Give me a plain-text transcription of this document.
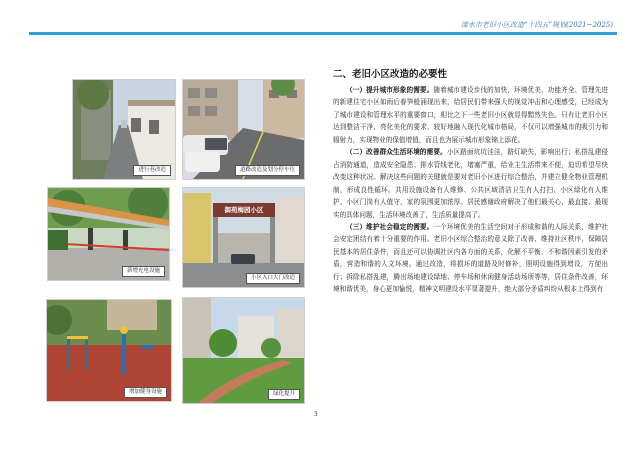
溧水市老旧小区改造“十四五”规划(2021~2025)
进行巷改造	道路改造及划分停车位
新增充电设施
御苑梅园小区
小区入口大门改造
增加健身设施	绿化提升
二、老旧小区改造的必要性

（一）提升城市形象的需要。随着城市建设步伐的加快，环境优美、功能齐全、管理先进的新建住宅小区如雨后春笋般涌现出来，给居民们带来强大的视觉冲击和心理感受，已经成为了城市建设和管理水平的重要窗口，相比之下一些老旧小区就显得黯然失色。只有让老旧小区达到整洁干净、亮化美化的要求，较好地融入现代化城市格局，不仅可以增强城市的吸引力和辐射力，实现物业的保值增值，而且也为展示城市形象锦上添花。

（二）改善群众生活环境的需要。小区路面坑坑洼洼，路灯缺失，影响出行；私搭乱建侵占消防通道，造成安全隐患；排水管线老化，堵塞严重，给业主生活带来不便，迫切希望尽快改变这种状况。解决这些问题的关键就是要对老旧小区进行综合整治，并建立健全物业管理机制，形成良性循环。共用设施设备有人维修、公共区域清洁卫生有人打扫、小区绿化有人维护、小区门岗有人值守，家的氛围更加浓厚。居民感谢政府解决了他们最关心、最直接、最现实的具体问题，生活环境改善了，生活质量提高了。

（三）维护社会稳定的需要。一个环境优美的生活空间对于形成和谐的人际关系，维护社会安定团结有着十分重要的作用。老旧小区综合整治的意义除了改善、维持社区秩序，保障居民基本的居住条件，而且还可以协调社区内各方面的关系，化解不平衡、不和谐因素引发的矛盾，营造和谐的人文环境。通过改造，将损坏的道路及时修补，照明设施得到增设，方便出行；拆除私搭乱建，腾出场地建设绿地、停车场和休闲健身活动场所等等，居住条件改善，环境和谐优美，身心更加愉悦，精神文明建设水平显著提升，绝大部分矛盾纠纷从根本上得到有

3
